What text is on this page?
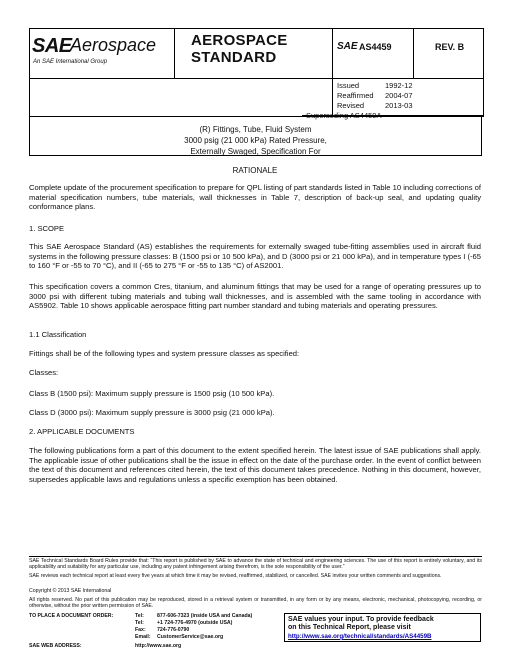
SAE
Aerospace
An SAE International Group
AEROSPACE
STANDARD
SAE AS4459	REV. B
Issued	1992-12
Reaffirmed 2004-07
Revised	2013-03
Superseding AS4459A
(R) Fittings, Tube, Fluid System
3000 psig (21 000 kPa) Rated Pressure,
Externally Swaged, Specification For
RATIONALE
Complete update of the procurement specification to prepare for QPL listing of part standards listed in Table 10 including corrections of material specification numbers, tube materials, wall thicknesses in Table 7, description of back-up seal, and updating quality conformance plans.
1. SCOPE
This SAE Aerospace Standard (AS) establishes the requirements for externally swaged tube-fitting assemblies used in aircraft fluid systems in the following pressure classes: B (1500 psi or 10 500 kPa), and D (3000 psi or 21 000 kPa), and in temperature types I (-65 to 160 °F or -55 to 70 °C), and II (-65 to 275 °F or -55 to 135 °C) of AS2001.
This specification covers a common Cres, titanium, and aluminum fittings that may be used for a range of operating pressures up to 3000 psi with different tubing materials and tubing wall thicknesses, and is assembled with the same tooling in accordance with AS5902. Table 10 shows applicable aerospace fitting part number standard and tubing materials and operating pressures.
1.1 Classification
Fittings shall be of the following types and system pressure classes as specified:
Classes:
Class B (1500 psi): Maximum supply pressure is 1500 psig (10 500 kPa).
Class D (3000 psi): Maximum supply pressure is 3000 psig (21 000 kPa).
2. APPLICABLE DOCUMENTS
The following publications form a part of this document to the extent specified herein. The latest issue of SAE publications shall apply. The applicable issue of other publications shall be the issue in effect on the date of the purchase order. In the event of conflict between the text of this document and references cited herein, the text of this document takes precedence. Nothing in this document, however, supersedes applicable laws and regulations unless a specific exemption has been obtained.
SAE Technical Standards Board Rules provide that: “This report is published by SAE to advance the state of technical and engineering sciences. The use of this report is entirely voluntary, and its applicability and suitability for any particular use, including any patent infringement arising therefrom, is the sole responsibility of the user.”
SAE reviews each technical report at least every five years at which time it may be revised, reaffirmed, stabilized, or cancelled. SAE invites your written comments and suggestions.
Copyright © 2013 SAE International
All rights reserved. No part of this publication may be reproduced, stored in a retrieval system or transmitted, in any form or by any means, electronic, mechanical, photocopying, recording, or otherwise, without the prior written permission of SAE.
TO PLACE A DOCUMENT ORDER:	Tel:	877-606-7323 (inside USA and Canada)
Tel:	+1 724-776-4970 (outside USA)
Fax: 724-776-0790
Email: CustomerService@sae.org
SAE WEB ADDRESS:	http://www.sae.org
SAE values your input. To provide feedback
on this Technical Report, please visit
http://www.sae.org/technical/standards/AS4459B
